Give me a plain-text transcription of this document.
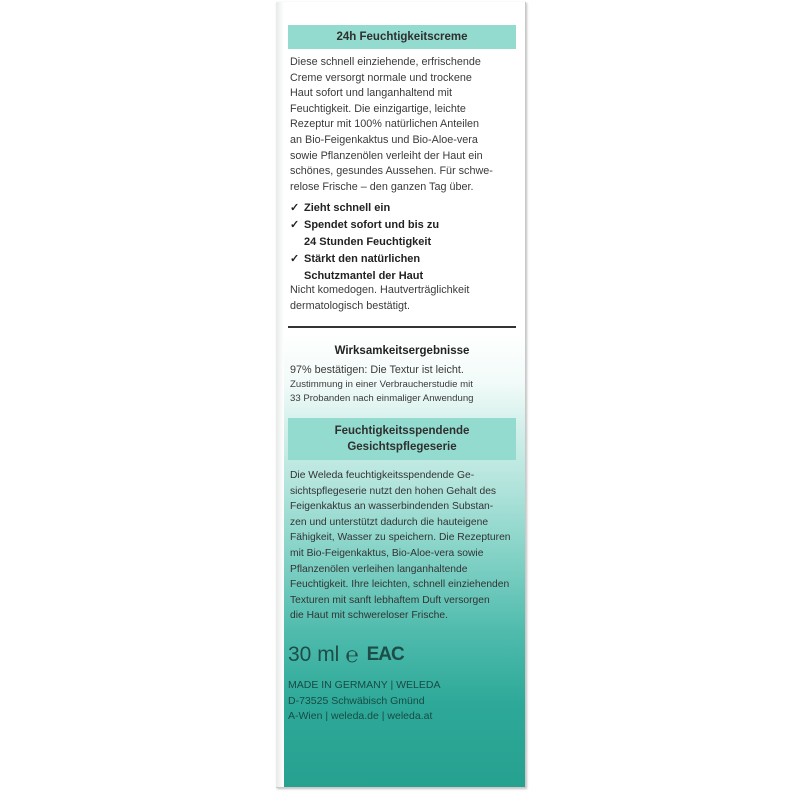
24h Feuchtigkeitscreme
Diese schnell einziehende, erfrischende
Creme versorgt normale und trockene
Haut sofort und langanhaltend mit
Feuchtigkeit. Die einzigartige, leichte
Rezeptur mit 100% natürlichen Anteilen
an Bio-Feigenkaktus und Bio-Aloe-vera
sowie Pflanzenölen verleiht der Haut ein
schönes, gesundes Aussehen. Für schwe-
relose Frische – den ganzen Tag über.
✓ Zieht schnell ein
✓ Spendet sofort und bis zu
24 Stunden Feuchtigkeit
✓ Stärkt den natürlichen
Schutzmantel der Haut
Nicht komedogen. Hautverträglichkeit
dermatologisch bestätigt.
Wirksamkeitsergebnisse
97% bestätigen: Die Textur ist leicht.
Zustimmung in einer Verbraucherstudie mit
33 Probanden nach einmaliger Anwendung
Feuchtigkeitsspendende
Gesichtspflegeserie
Die Weleda feuchtigkeitsspendende Ge-
sichtspflegeserie nutzt den hohen Gehalt des
Feigenkaktus an wasserbindenden Substan-
zen und unterstützt dadurch die hauteigene
Fähigkeit, Wasser zu speichern. Die Rezepturen
mit Bio-Feigenkaktus, Bio-Aloe-vera sowie
Pflanzenölen verleihen langanhaltende
Feuchtigkeit. Ihre leichten, schnell einziehenden
Texturen mit sanft lebhaftem Duft versorgen
die Haut mit schwereloser Frische.
30 ml ℮ EAC
MADE IN GERMANY | WELEDA
D-73525 Schwäbisch Gmünd
A-Wien | weleda.de | weleda.at
